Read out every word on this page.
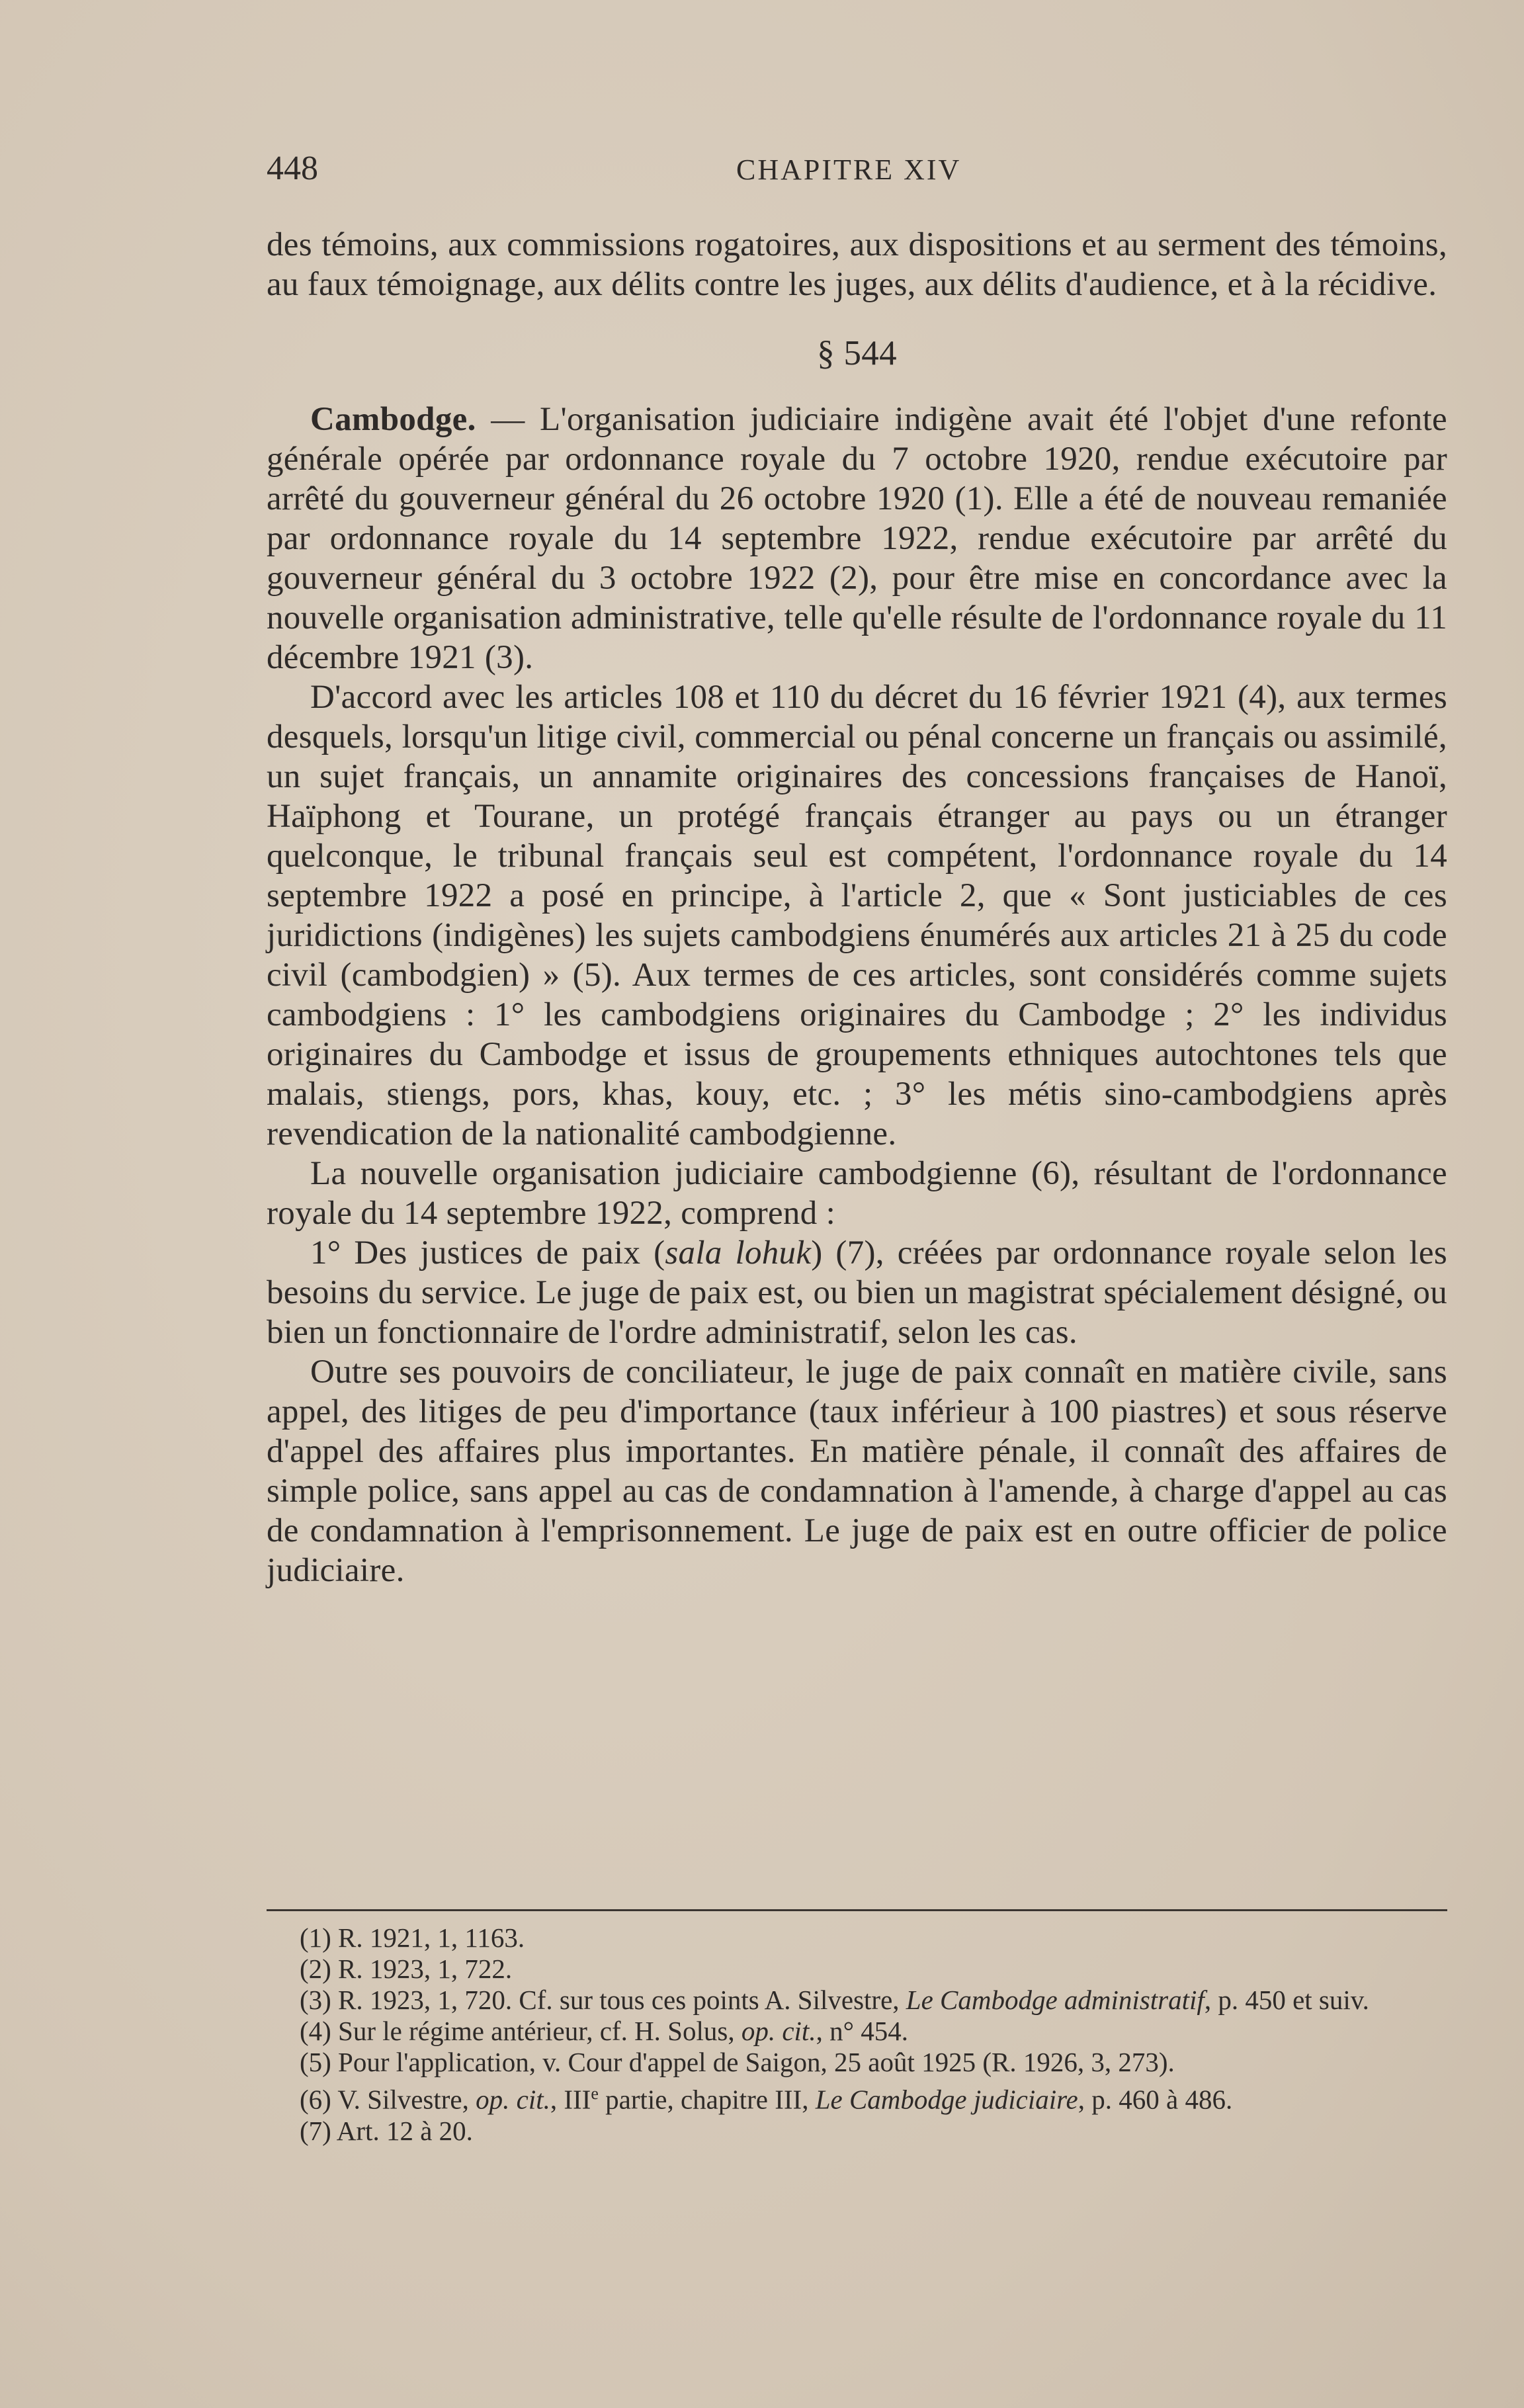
448	CHAPITRE XIV

des témoins, aux commissions rogatoires, aux dispositions et au serment des témoins, au faux témoignage, aux délits contre les juges, aux délits d'audience, et à la récidive.

§ 544

Cambodge. — L'organisation judiciaire indigène avait été l'objet d'une refonte générale opérée par ordonnance royale du 7 octobre 1920, rendue exécutoire par arrêté du gouverneur général du 26 octobre 1920 (1). Elle a été de nouveau remaniée par ordonnance royale du 14 septembre 1922, rendue exécutoire par arrêté du gouverneur général du 3 octobre 1922 (2), pour être mise en concordance avec la nouvelle organisation administrative, telle qu'elle résulte de l'ordonnance royale du 11 décembre 1921 (3).

D'accord avec les articles 108 et 110 du décret du 16 février 1921 (4), aux termes desquels, lorsqu'un litige civil, commercial ou pénal concerne un français ou assimilé, un sujet français, un annamite originaires des concessions françaises de Hanoï, Haïphong et Tourane, un protégé français étranger au pays ou un étranger quelconque, le tribunal français seul est compétent, l'ordonnance royale du 14 septembre 1922 a posé en principe, à l'article 2, que « Sont justiciables de ces juridictions (indigènes) les sujets cambodgiens énumérés aux articles 21 à 25 du code civil (cambodgien) » (5). Aux termes de ces articles, sont considérés comme sujets cambodgiens : 1° les cambodgiens originaires du Cambodge ; 2° les individus originaires du Cambodge et issus de groupements ethniques autochtones tels que malais, stiengs, pors, khas, kouy, etc. ; 3° les métis sino-cambodgiens après revendication de la nationalité cambodgienne.

La nouvelle organisation judiciaire cambodgienne (6), résultant de l'ordonnance royale du 14 septembre 1922, comprend :

1° Des justices de paix (sala lohuk) (7), créées par ordonnance royale selon les besoins du service. Le juge de paix est, ou bien un magistrat spécialement désigné, ou bien un fonctionnaire de l'ordre administratif, selon les cas.

Outre ses pouvoirs de conciliateur, le juge de paix connaît en matière civile, sans appel, des litiges de peu d'importance (taux inférieur à 100 piastres) et sous réserve d'appel des affaires plus importantes. En matière pénale, il connaît des affaires de simple police, sans appel au cas de condamnation à l'amende, à charge d'appel au cas de condamnation à l'emprisonnement. Le juge de paix est en outre officier de police judiciaire.

(1) R. 1921, 1, 1163.

(2) R. 1923, 1, 722.

(3) R. 1923, 1, 720. Cf. sur tous ces points A. Silvestre, Le Cambodge administratif, p. 450 et suiv.

(4) Sur le régime antérieur, cf. H. Solus, op. cit., n° 454.

(5) Pour l'application, v. Cour d'appel de Saigon, 25 août 1925 (R. 1926, 3, 273).

(6) V. Silvestre, op. cit., IIIe partie, chapitre III, Le Cambodge judiciaire, p. 460 à 486.

(7) Art. 12 à 20.
